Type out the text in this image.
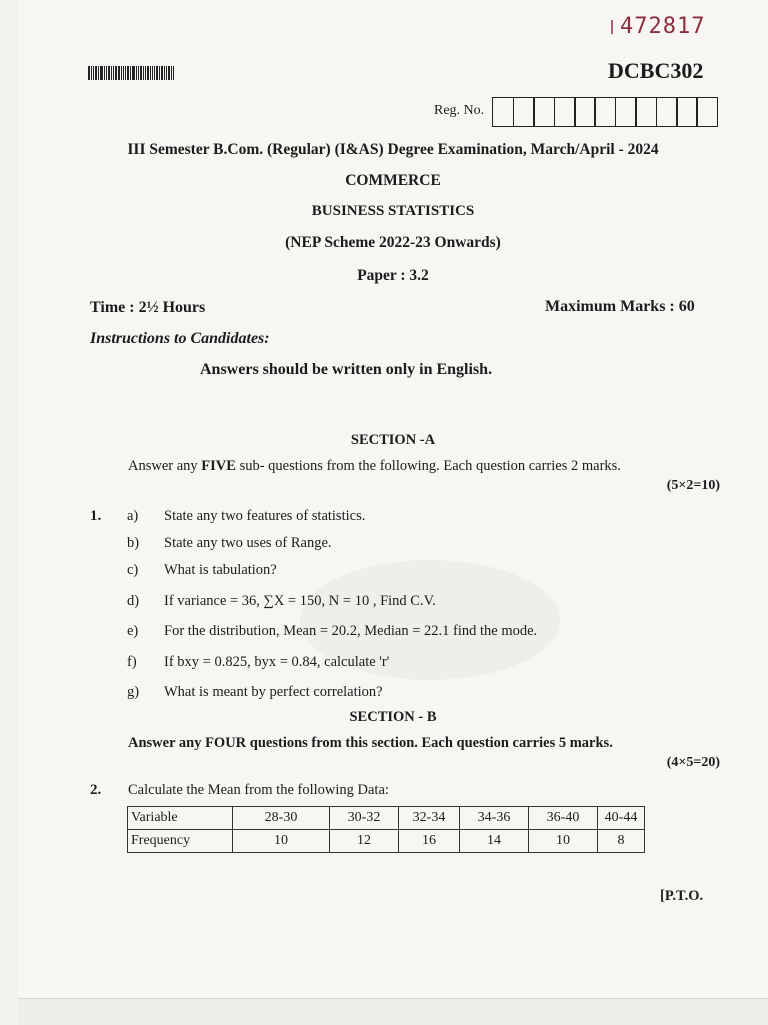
472817
DCBC302
Reg. No.
III Semester B.Com. (Regular) (I&AS) Degree Examination, March/April - 2024
COMMERCE
BUSINESS STATISTICS
(NEP Scheme 2022-23 Onwards)
Paper : 3.2
Time : 2½ Hours	Maximum Marks : 60
Instructions to Candidates:
Answers should be written only in English.
SECTION -A
Answer any FIVE sub- questions from the following. Each question carries 2 marks.
(5×2=10)
1. a) State any two features of statistics.
b) State any two uses of Range.
c) What is tabulation?
d) If variance = 36, ∑X = 150, N = 10 , Find C.V.
e) For the distribution, Mean = 20.2, Median = 22.1 find the mode.
f) If bxy = 0.825, byx = 0.84, calculate 'r'
g) What is meant by perfect correlation?
SECTION - B
Answer any FOUR questions from this section. Each question carries 5 marks.
(4×5=20)
2. Calculate the Mean from the following Data:
Variable	28-30	30-32	32-34	34-36	36-40	40-44
Frequency	10	12	16	14	10	8
[P.T.O.
